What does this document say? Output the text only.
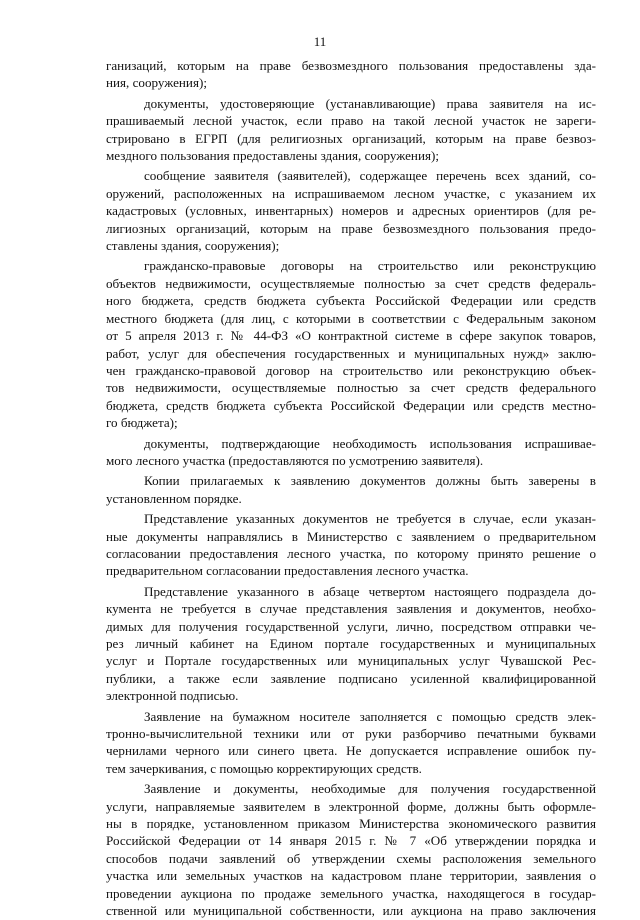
11
ганизаций, которым на праве безвозмездного пользования предоставлены зда-
ния, сооружения);
документы, удостоверяющие (устанавливающие) права заявителя на ис-
прашиваемый лесной участок, если право на такой лесной участок не зареги-
стрировано в ЕГРП (для религиозных организаций, которым на праве безвоз-
мездного пользования предоставлены здания, сооружения);
сообщение заявителя (заявителей), содержащее перечень всех зданий, со-
оружений, расположенных на испрашиваемом лесном участке, с указанием их
кадастровых (условных, инвентарных) номеров и адресных ориентиров (для ре-
лигиозных организаций, которым на праве безвозмездного пользования предо-
ставлены здания, сооружения);
гражданско-правовые договоры на строительство или реконструкцию
объектов недвижимости, осуществляемые полностью за счет средств федераль-
ного бюджета, средств бюджета субъекта Российской Федерации или средств
местного бюджета (для лиц, с которыми в соответствии с Федеральным законом
от 5 апреля 2013 г. № 44-ФЗ «О контрактной системе в сфере закупок товаров,
работ, услуг для обеспечения государственных и муниципальных нужд» заклю-
чен гражданско-правовой договор на строительство или реконструкцию объек-
тов недвижимости, осуществляемые полностью за счет средств федерального
бюджета, средств бюджета субъекта Российской Федерации или средств местно-
го бюджета);
документы, подтверждающие необходимость использования испрашивае-
мого лесного участка (предоставляются по усмотрению заявителя).
Копии прилагаемых к заявлению документов должны быть заверены в
установленном порядке.
Представление указанных документов не требуется в случае, если указан-
ные документы направлялись в Министерство с заявлением о предварительном
согласовании предоставления лесного участка, по которому принято решение о
предварительном согласовании предоставления лесного участка.
Представление указанного в абзаце четвертом настоящего подраздела до-
кумента не требуется в случае представления заявления и документов, необхо-
димых для получения государственной услуги, лично, посредством отправки че-
рез личный кабинет на Едином портале государственных и муниципальных
услуг и Портале государственных или муниципальных услуг Чувашской Рес-
публики, а также если заявление подписано усиленной квалифицированной
электронной подписью.
Заявление на бумажном носителе заполняется с помощью средств элек-
тронно-вычислительной техники или от руки разборчиво печатными буквами
чернилами черного или синего цвета. Не допускается исправление ошибок пу-
тем зачеркивания, с помощью корректирующих средств.
Заявление и документы, необходимые для получения государственной
услуги, направляемые заявителем в электронной форме, должны быть оформле-
ны в порядке, установленном приказом Министерства экономического развития
Российской Федерации от 14 января 2015 г. № 7 «Об утверждении порядка и
способов подачи заявлений об утверждении схемы расположения земельного
участка или земельных участков на кадастровом плане территории, заявления о
проведении аукциона по продаже земельного участка, находящегося в государ-
ственной или муниципальной собственности, или аукциона на право заключения
